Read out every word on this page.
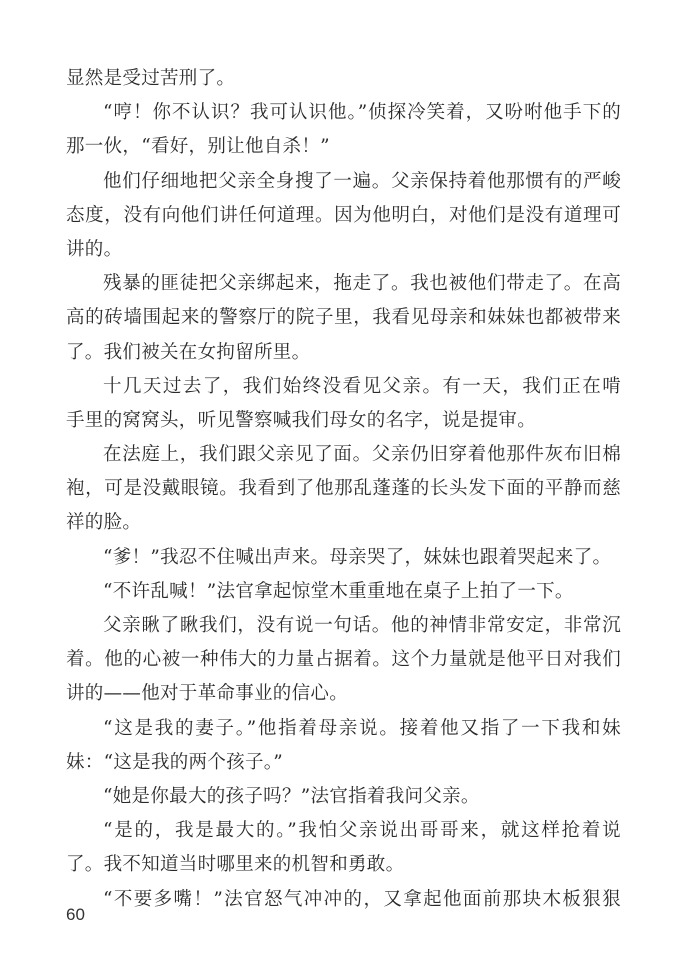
显然是受过苦刑了。
“哼！你不认识？我可认识他。”侦探冷笑着，又吩咐他手下的
那一伙，“看好，别让他自杀！”
他们仔细地把父亲全身搜了一遍。父亲保持着他那惯有的严峻
态度，没有向他们讲任何道理。因为他明白，对他们是没有道理可
讲的。
残暴的匪徒把父亲绑起来，拖走了。我也被他们带走了。在高
高的砖墙围起来的警察厅的院子里，我看见母亲和妹妹也都被带来
了。我们被关在女拘留所里。
十几天过去了，我们始终没看见父亲。有一天，我们正在啃
手里的窝窝头，听见警察喊我们母女的名字，说是提审。
在法庭上，我们跟父亲见了面。父亲仍旧穿着他那件灰布旧棉
袍，可是没戴眼镜。我看到了他那乱蓬蓬的长头发下面的平静而慈
祥的脸。
“爹！”我忍不住喊出声来。母亲哭了，妹妹也跟着哭起来了。
“不许乱喊！”法官拿起惊堂木重重地在桌子上拍了一下。
父亲瞅了瞅我们，没有说一句话。他的神情非常安定，非常沉
着。他的心被一种伟大的力量占据着。这个力量就是他平日对我们
讲的——他对于革命事业的信心。
“这是我的妻子。”他指着母亲说。接着他又指了一下我和妹
妹：“这是我的两个孩子。”
“她是你最大的孩子吗？”法官指着我问父亲。
“是的，我是最大的。”我怕父亲说出哥哥来，就这样抢着说
了。我不知道当时哪里来的机智和勇敢。
“不要多嘴！”法官怒气冲冲的，又拿起他面前那块木板狠狠
60
